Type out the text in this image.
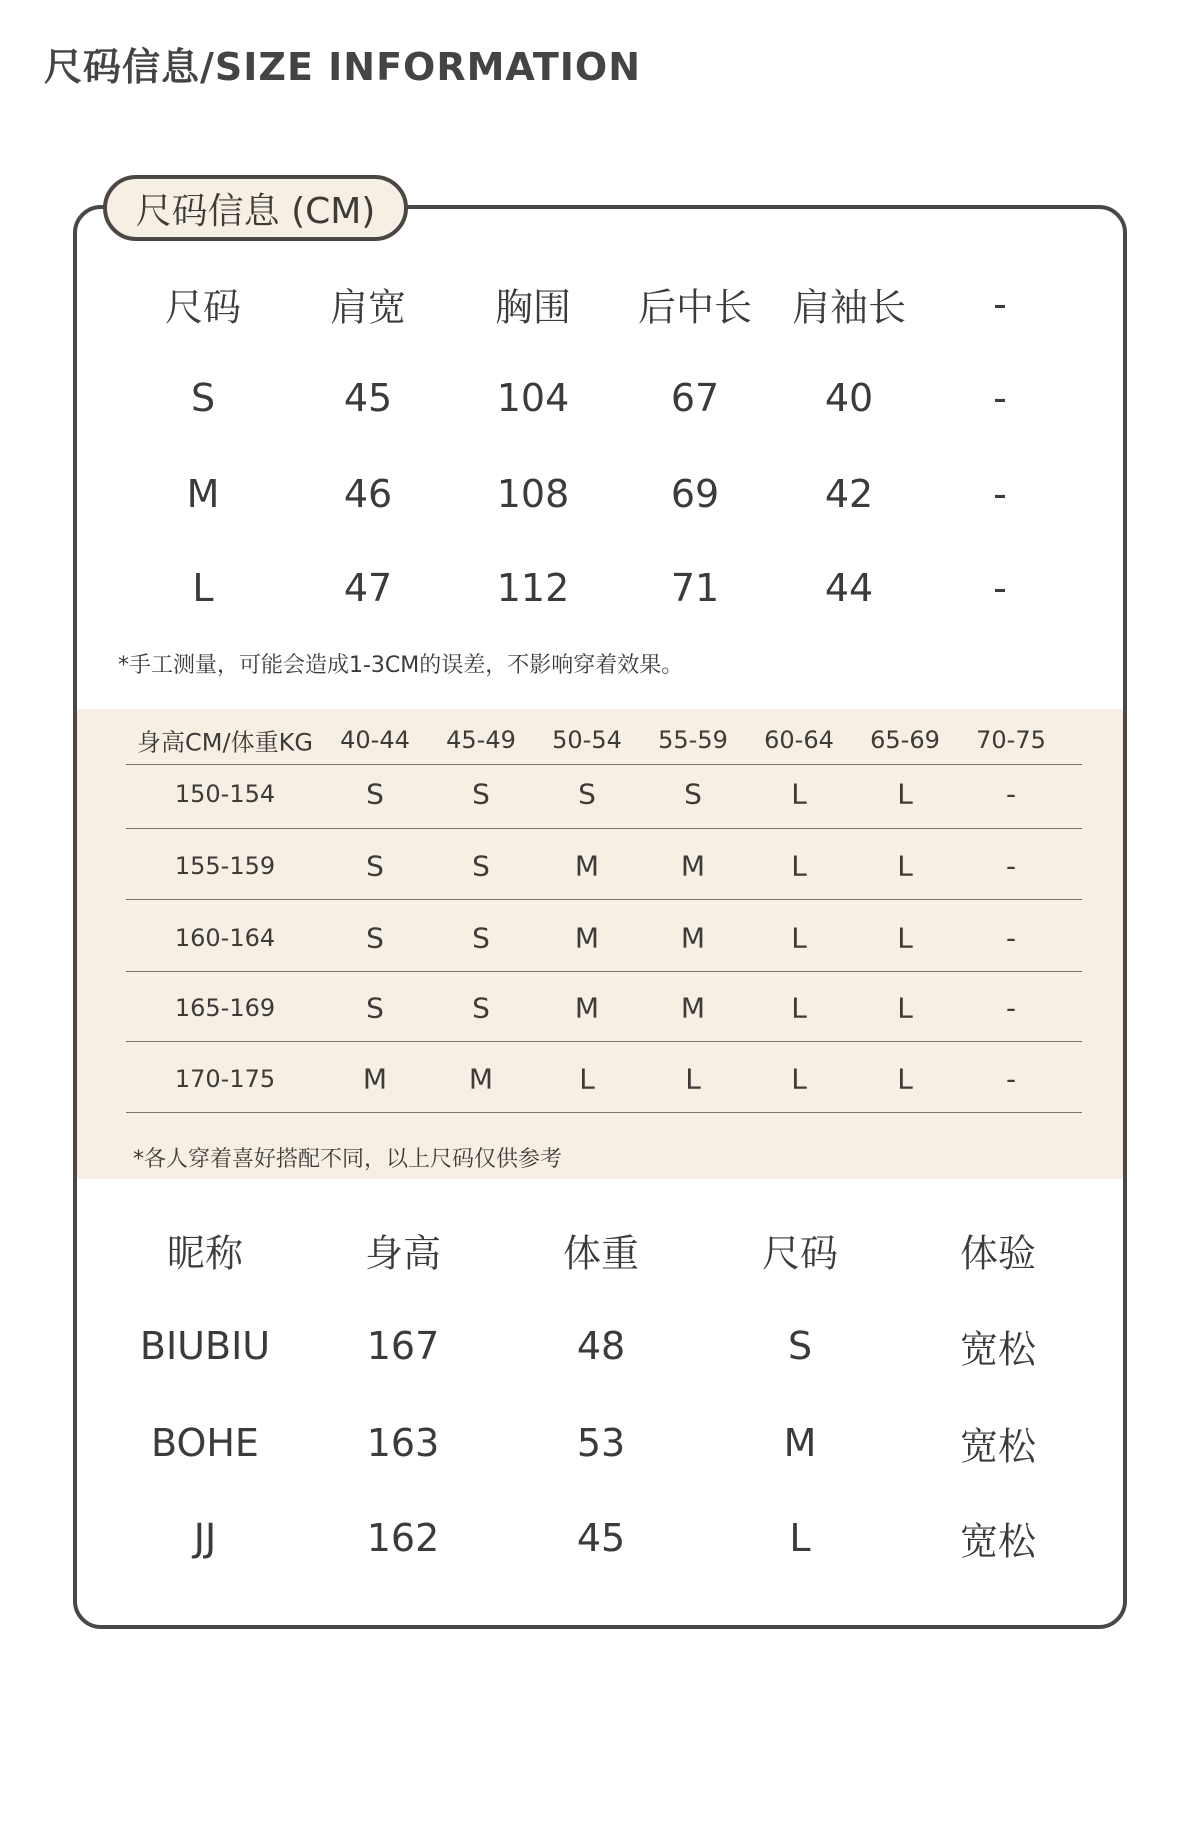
尺码信息/SIZE INFORMATION
尺码信息 (CM)
尺码 肩宽 胸围 后中长 肩袖长 -
S	45	104	67	40	-
M	46	108	69	42	-
L	47	112	71	44	-
*手工测量，可能会造成1-3CM的误差，不影响穿着效果。
身高CM/体重KG 40-44 45-49 50-54 55-59 60-64 65-69 70-75
150-154	S	S	S	S	L	L	-
155-159	S	S	M	M	L	L	-
160-164	S	S	M	M	L	L	-
165-169	S	S	M	M	L	L	-
170-175	M	M	L	L	L	L	-
*各人穿着喜好搭配不同，以上尺码仅供参考
昵称	身高	体重	尺码	体验
BIUBIU	167	48	S	宽松
BOHE	163	53	M	宽松
JJ	162	45	L	宽松
